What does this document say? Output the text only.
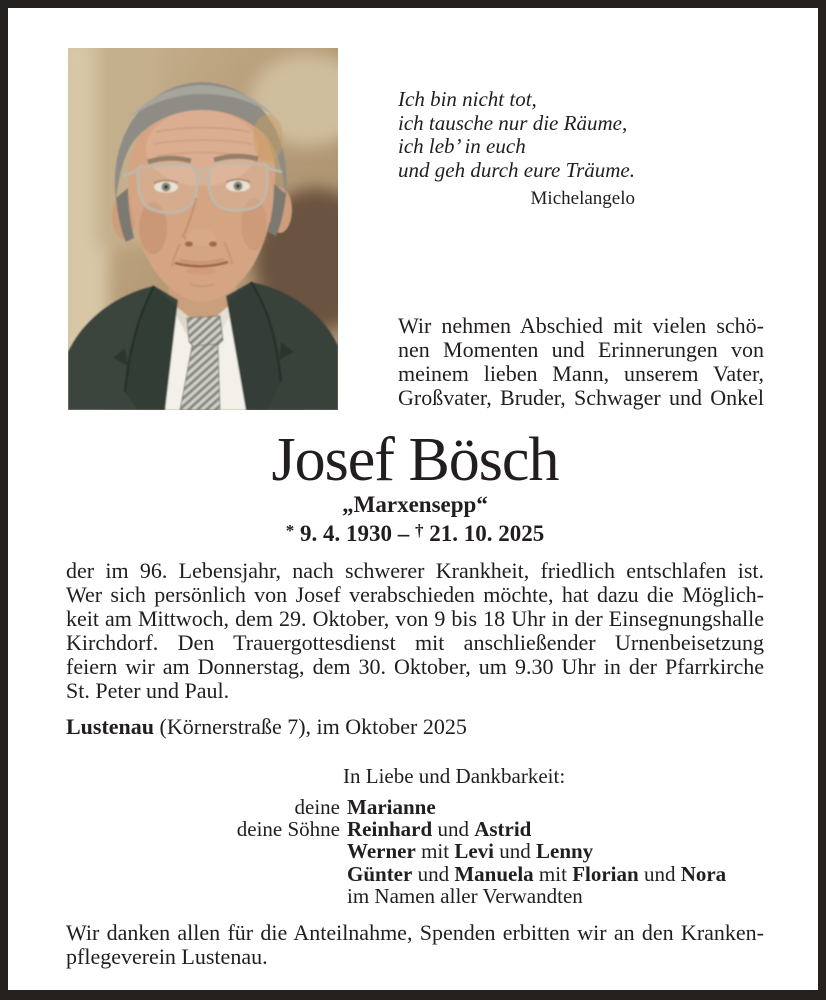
Ich bin nicht tot,
ich tausche nur die Räume,
ich leb’ in euch
und geh durch eure Träume.
Michelangelo
Wir nehmen Abschied mit vielen schö-
nen Momenten und Erinnerungen von
meinem lieben Mann, unserem Vater,
Großvater, Bruder, Schwager und Onkel
Josef Bösch
„Marxensepp“
* 9. 4. 1930 – † 21. 10. 2025
der im 96. Lebensjahr, nach schwerer Krankheit, friedlich entschlafen ist.
Wer sich persönlich von Josef verabschieden möchte, hat dazu die Möglich-
keit am Mittwoch, dem 29. Oktober, von 9 bis 18 Uhr in der Einsegnungshalle
Kirchdorf. Den Trauergottesdienst mit anschließender Urnenbeisetzung
feiern wir am Donnerstag, dem 30. Oktober, um 9.30 Uhr in der Pfarrkirche
St. Peter und Paul.
Lustenau (Körnerstraße 7), im Oktober 2025
In Liebe und Dankbarkeit:
deine Marianne
deine Söhne Reinhard und Astrid
Werner mit Levi und Lenny
Günter und Manuela mit Florian und Nora
im Namen aller Verwandten
Wir danken allen für die Anteilnahme, Spenden erbitten wir an den Kranken-
pflegeverein Lustenau.
